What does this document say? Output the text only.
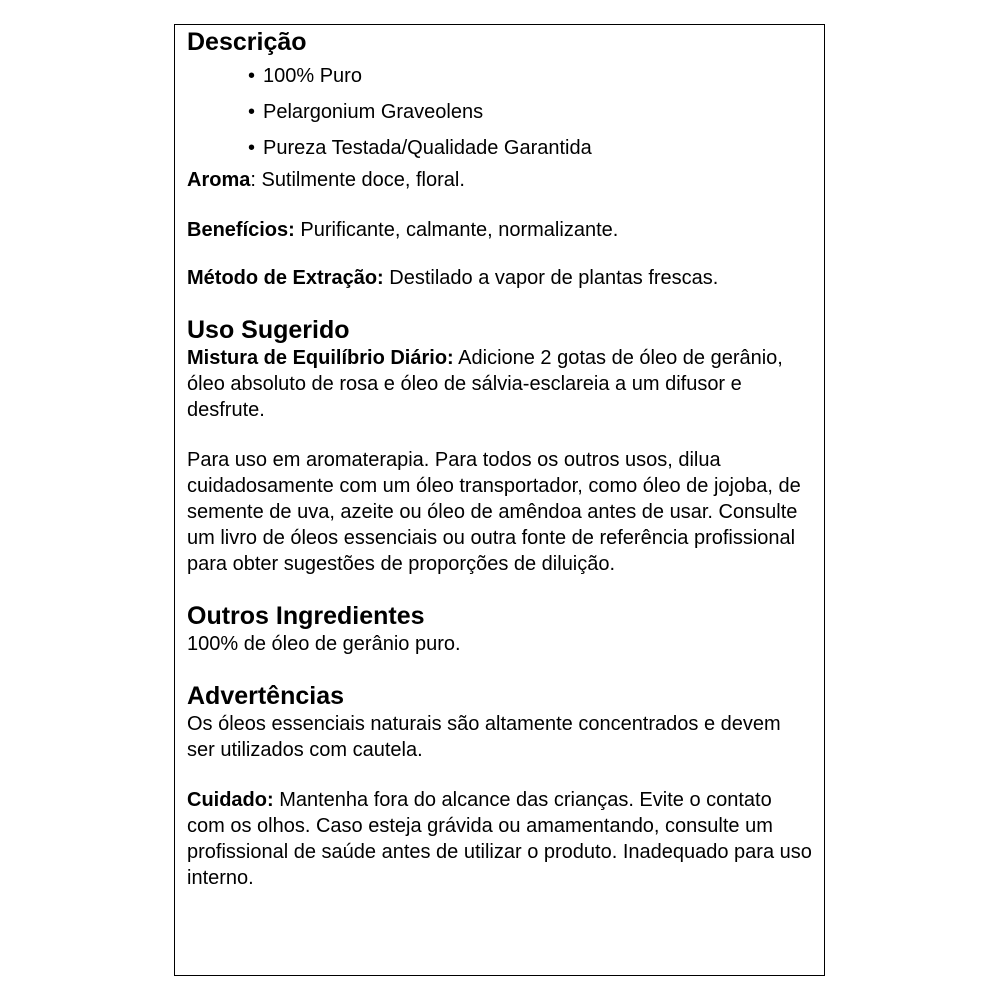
Descrição
• 100% Puro
• Pelargonium Graveolens
• Pureza Testada/Qualidade Garantida

Aroma: Sutilmente doce, floral.

Benefícios: Purificante, calmante, normalizante.

Método de Extração: Destilado a vapor de plantas frescas.

Uso Sugerido

Mistura de Equilíbrio Diário: Adicione 2 gotas de óleo de gerânio, óleo absoluto de rosa e óleo de sálvia-esclareia a um difusor e desfrute.

Para uso em aromaterapia. Para todos os outros usos, dilua cuidadosamente com um óleo transportador, como óleo de jojoba, de semente de uva, azeite ou óleo de amêndoa antes de usar. Consulte um livro de óleos essenciais ou outra fonte de referência profissional para obter sugestões de proporções de diluição.

Outros Ingredientes

100% de óleo de gerânio puro.

Advertências

Os óleos essenciais naturais são altamente concentrados e devem ser utilizados com cautela.

Cuidado: Mantenha fora do alcance das crianças. Evite o contato com os olhos. Caso esteja grávida ou amamentando, consulte um profissional de saúde antes de utilizar o produto. Inadequado para uso interno.
